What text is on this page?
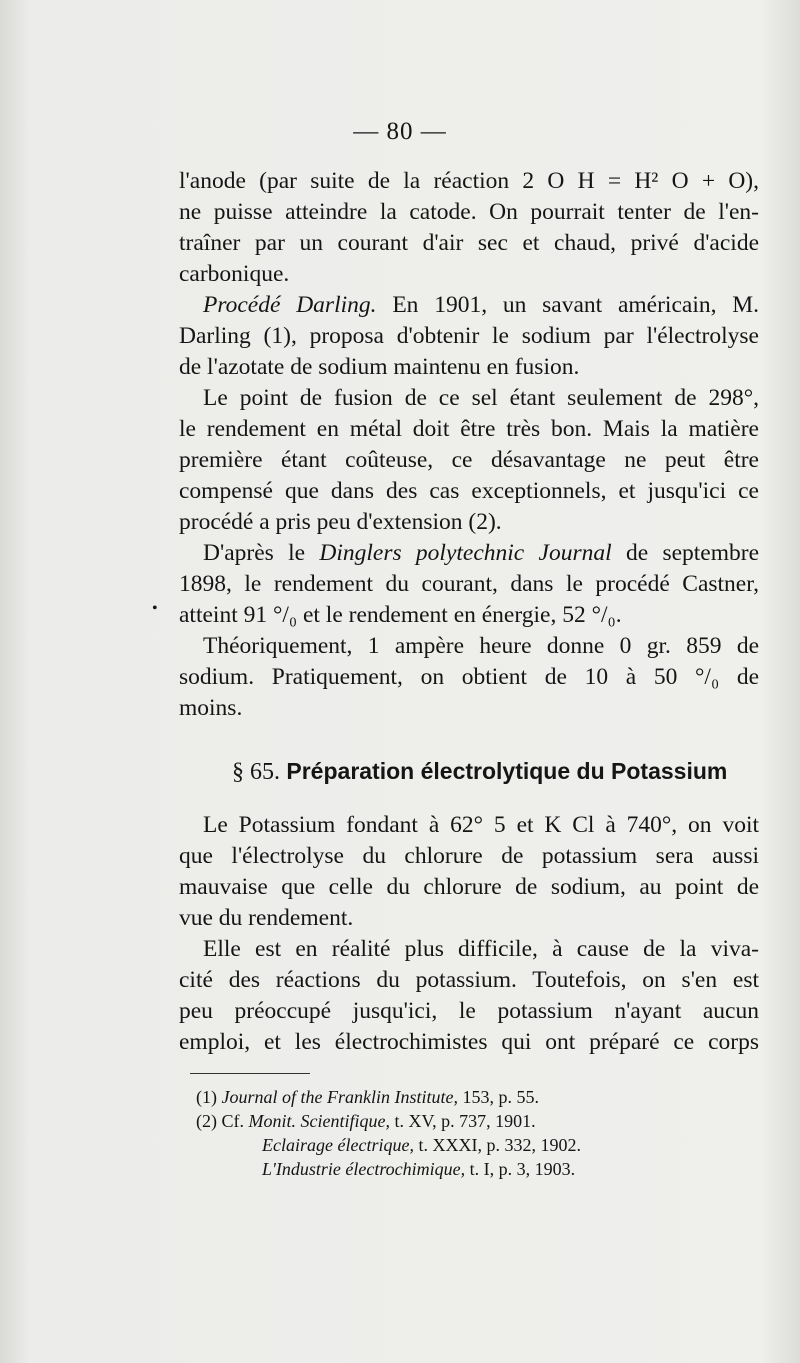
— 80 —
l'anode (par suite de la réaction 2 O H = H² O + O),
ne puisse atteindre la catode. On pourrait tenter de l'en-
traîner par un courant d'air sec et chaud, privé d'acide
carbonique.
Procédé Darling. En 1901, un savant américain, M.
Darling (1), proposa d'obtenir le sodium par l'électrolyse
de l'azotate de sodium maintenu en fusion.
Le point de fusion de ce sel étant seulement de 298°,
le rendement en métal doit être très bon. Mais la matière
première étant coûteuse, ce désavantage ne peut être
compensé que dans des cas exceptionnels, et jusqu'ici ce
procédé a pris peu d'extension (2).
D'après le Dinglers polytechnic Journal de septembre
1898, le rendement du courant, dans le procédé Castner,
atteint 91 °/₀ et le rendement en énergie, 52 °/₀.
Théoriquement, 1 ampère heure donne 0 gr. 859 de
sodium. Pratiquement, on obtient de 10 à 50 °/₀ de
moins.
•
§ 65. Préparation électrolytique du Potassium
Le Potassium fondant à 62° 5 et K Cl à 740°, on voit
que l'électrolyse du chlorure de potassium sera aussi
mauvaise que celle du chlorure de sodium, au point de
vue du rendement.
Elle est en réalité plus difficile, à cause de la viva-
cité des réactions du potassium. Toutefois, on s'en est
peu préoccupé jusqu'ici, le potassium n'ayant aucun
emploi, et les électrochimistes qui ont préparé ce corps
(1) Journal of the Franklin Institute, 153, p. 55.
(2) Cf. Monit. Scientifique, t. XV, p. 737, 1901.
Eclairage électrique, t. XXXI, p. 332, 1902.
L'Industrie électrochimique, t. I, p. 3, 1903.
